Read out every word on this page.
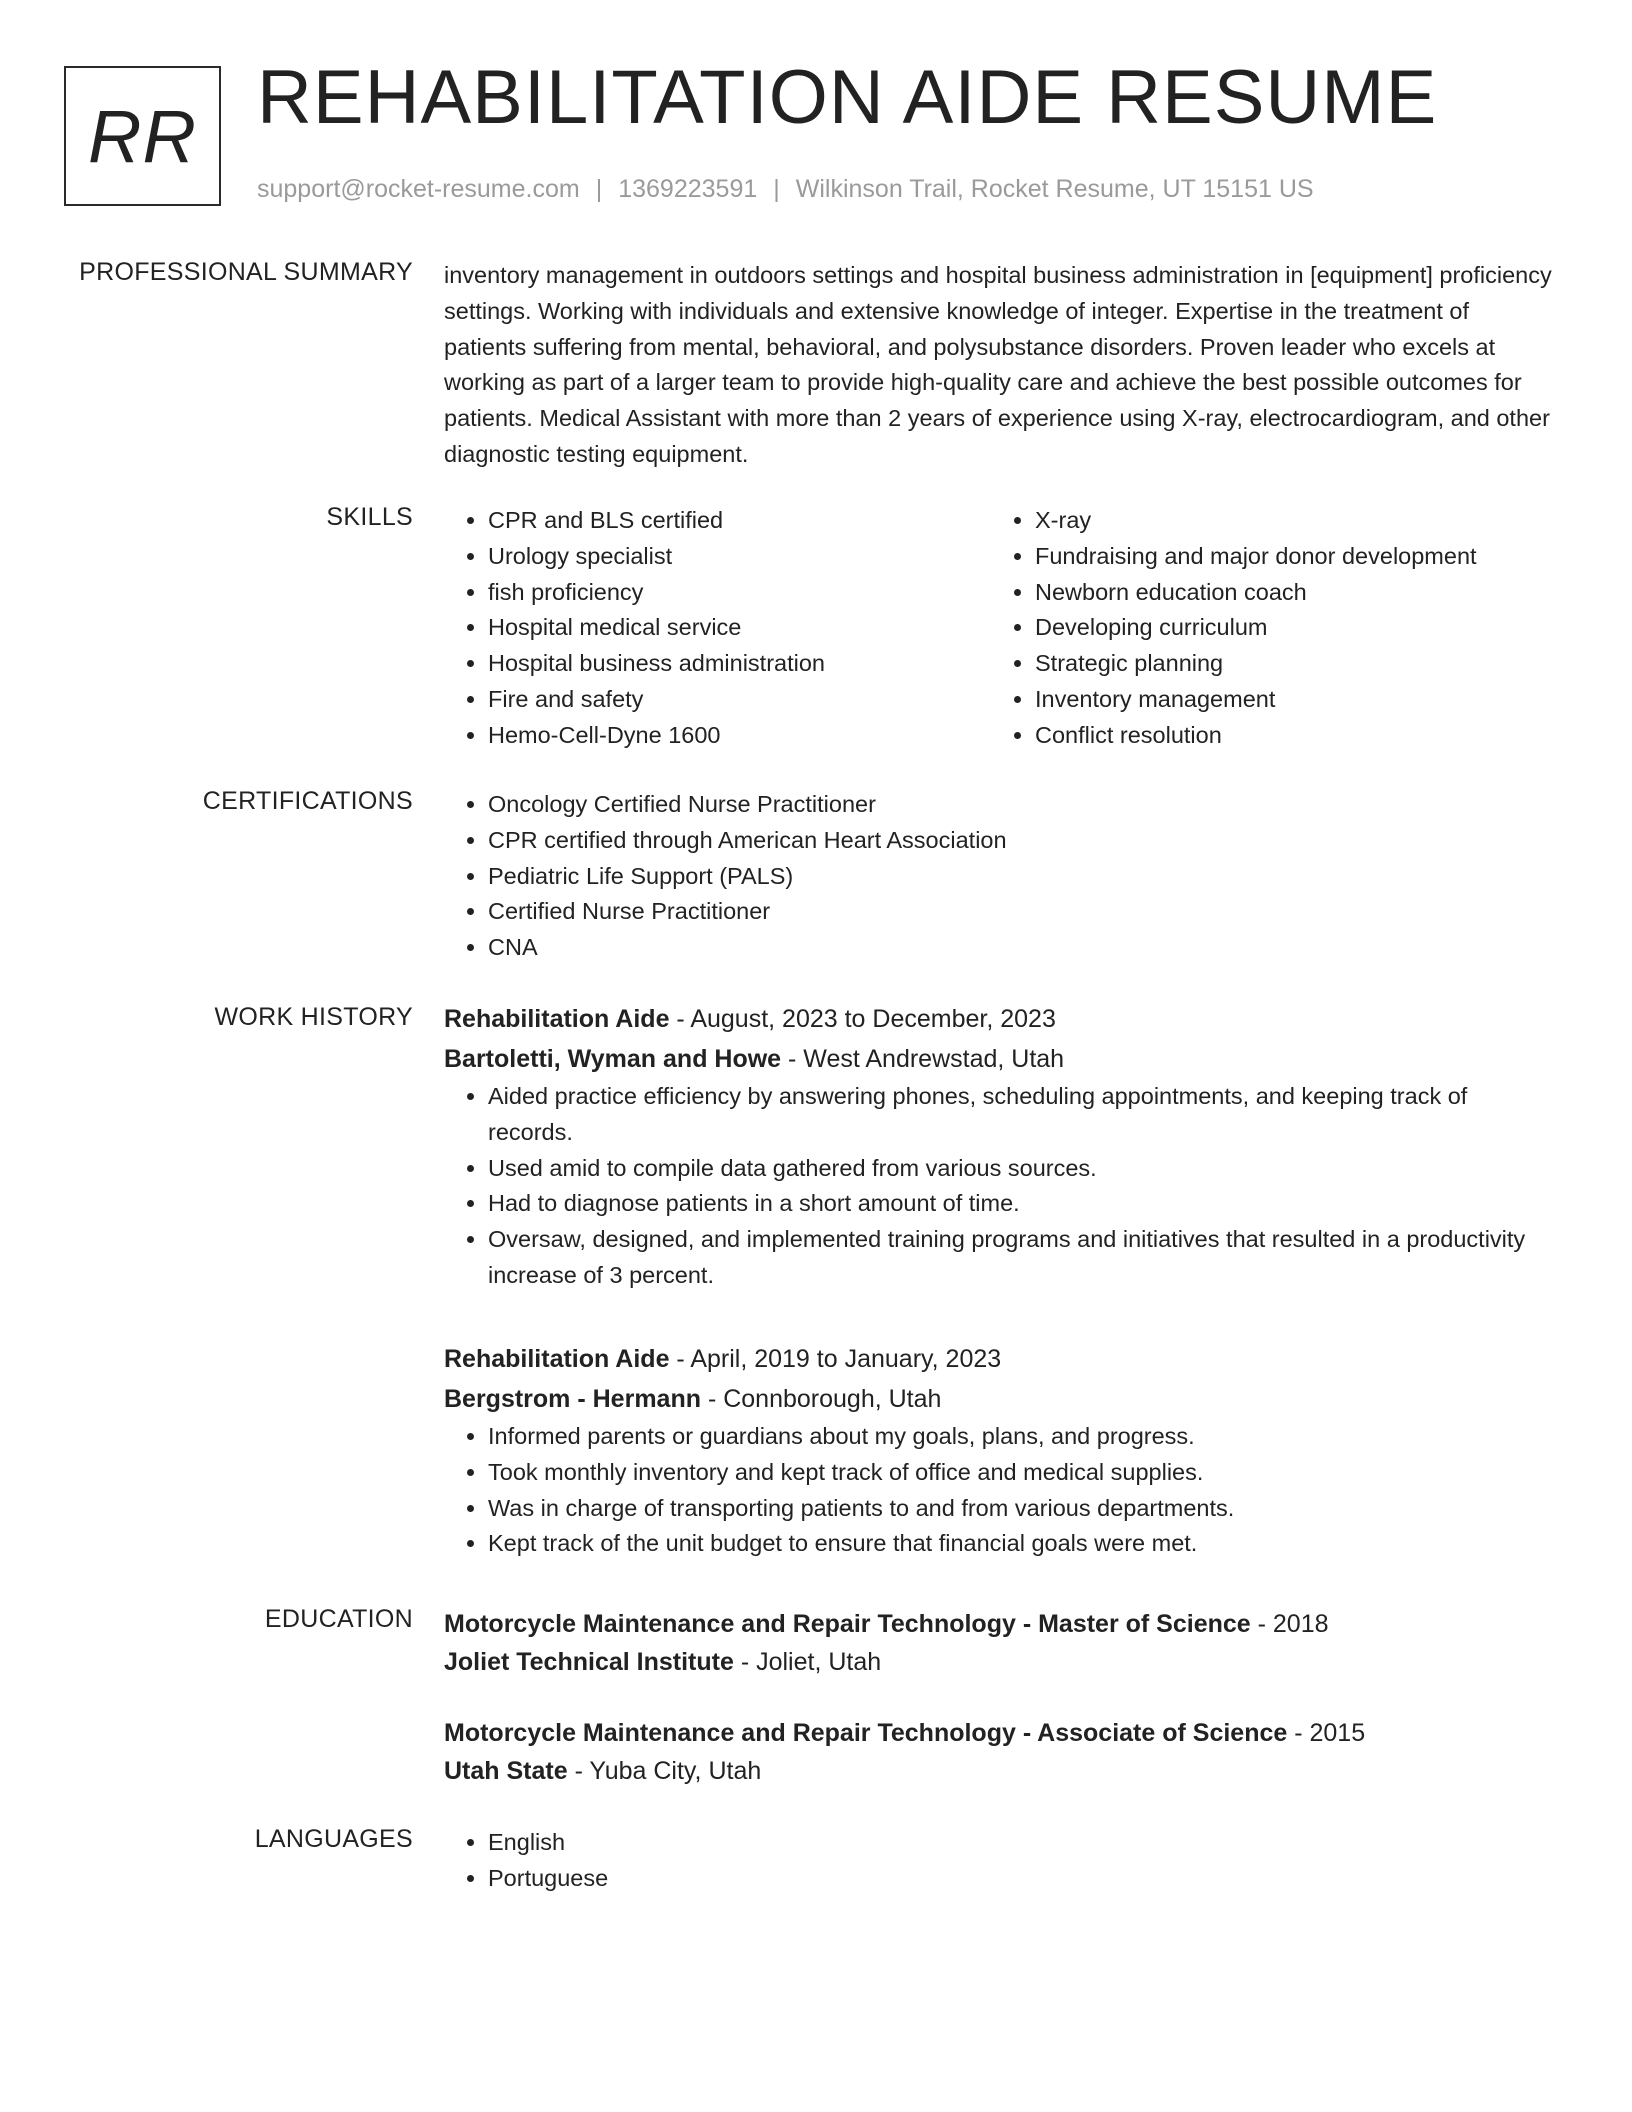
RR REHABILITATION AIDE RESUME
support@rocket-resume.com | 1369223591 | Wilkinson Trail, Rocket Resume, UT 15151 US
PROFESSIONAL SUMMARY inventory management in outdoors settings and hospital business administration in [equipment] proficiency settings. Working with individuals and extensive knowledge of integer. Expertise in the treatment of patients suffering from mental, behavioral, and polysubstance disorders. Proven leader who excels at working as part of a larger team to provide high-quality care and achieve the best possible outcomes for patients. Medical Assistant with more than 2 years of experience using X-ray, electrocardiogram, and other diagnostic testing equipment.
SKILLS	• CPR and BLS certified
• Urology specialist
• fish proficiency
• Hospital medical service
• Hospital business administration
• Fire and safety
• Hemo-Cell-Dyne 1600
• X-ray
• Fundraising and major donor development
• Newborn education coach
• Developing curriculum
• Strategic planning
• Inventory management
• Conflict resolution
CERTIFICATIONS	• Oncology Certified Nurse Practitioner
• CPR certified through American Heart Association
• Pediatric Life Support (PALS)
• Certified Nurse Practitioner
• CNA
WORK HISTORY Rehabilitation Aide - August, 2023 to December, 2023
Bartoletti, Wyman and Howe - West Andrewstad, Utah
• Aided practice efficiency by answering phones, scheduling appointments, and keeping track of records.
• Used amid to compile data gathered from various sources.
• Had to diagnose patients in a short amount of time.
• Oversaw, designed, and implemented training programs and initiatives that resulted in a productivity increase of 3 percent.
Rehabilitation Aide - April, 2019 to January, 2023
Bergstrom - Hermann - Connborough, Utah
• Informed parents or guardians about my goals, plans, and progress.
• Took monthly inventory and kept track of office and medical supplies.
• Was in charge of transporting patients to and from various departments.
• Kept track of the unit budget to ensure that financial goals were met.
EDUCATION Motorcycle Maintenance and Repair Technology - Master of Science - 2018
Joliet Technical Institute - Joliet, Utah
Motorcycle Maintenance and Repair Technology - Associate of Science - 2015
Utah State - Yuba City, Utah
LANGUAGES	• English
• Portuguese
